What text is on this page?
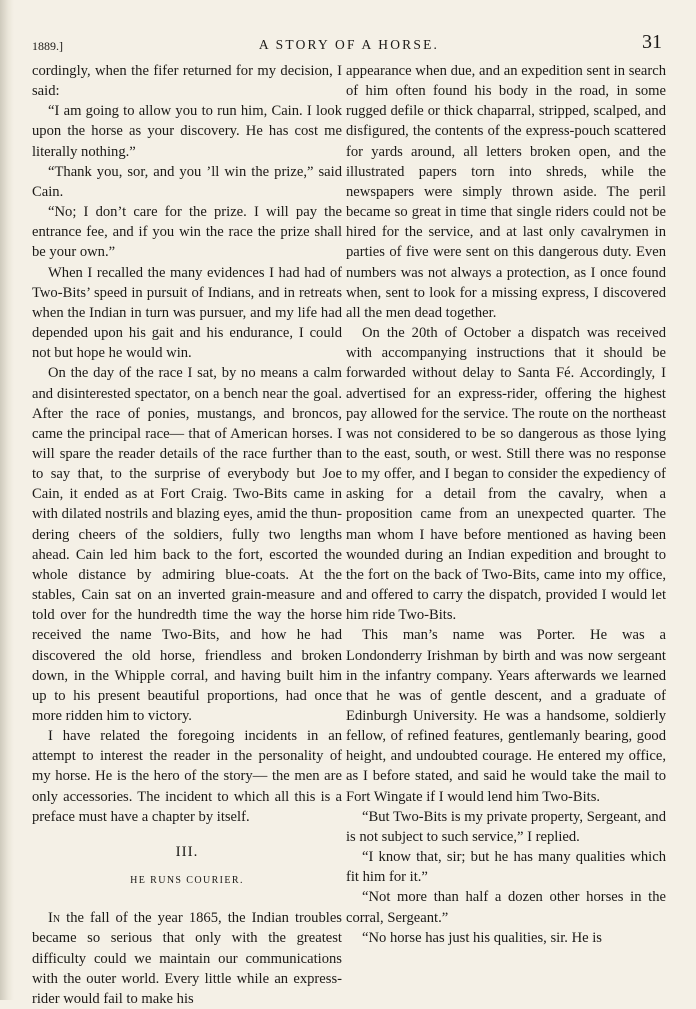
1889.]	A STORY OF A HORSE.	31

cordingly, when the fifer returned for my decision, I said:

“I am going to allow you to run him, Cain. I look upon the horse as your discovery. He has cost me literally nothing.”

“Thank you, sor, and you ’ll win the prize,” said Cain.

“No; I don’t care for the prize. I will pay the entrance fee, and if you win the race the prize shall be your own.”

When I recalled the many evidences I had had of Two-Bits’ speed in pursuit of Indians, and in retreats when the Indian in turn was pursuer, and my life had depended upon his gait and his endurance, I could not but hope he would win.

On the day of the race I sat, by no means a calm and disinterested spectator, on a bench near the goal. After the race of ponies, mustangs, and broncos, came the principal race— that of American horses. I will spare the reader details of the race further than to say that, to the surprise of everybody but Joe Cain, it ended as at Fort Craig. Two-Bits came in with dilated nostrils and blazing eyes, amid the thundering cheers of the soldiers, fully two lengths ahead. Cain led him back to the fort, escorted the whole distance by admiring blue-coats. At the stables, Cain sat on an inverted grain-measure and told over for the hundredth time the way the horse received the name Two-Bits, and how he had discovered the old horse, friendless and broken down, in the Whipple corral, and having built him up to his present beautiful proportions, had once more ridden him to victory.

I have related the foregoing incidents in an attempt to interest the reader in the personality of my horse. He is the hero of the story— the men are only accessories. The incident to which all this is a preface must have a chapter by itself.

III.
HE RUNS COURIER.

In the fall of the year 1865, the Indian troubles became so serious that only with the greatest difficulty could we maintain our communications with the outer world. Every little while an express-rider would fail to make his

appearance when due, and an expedition sent in search of him often found his body in the road, in some rugged defile or thick chaparral, stripped, scalped, and disfigured, the contents of the express-pouch scattered for yards around, all letters broken open, and the illustrated papers torn into shreds, while the newspapers were simply thrown aside. The peril became so great in time that single riders could not be hired for the service, and at last only cavalrymen in parties of five were sent on this dangerous duty. Even numbers was not always a protection, as I once found when, sent to look for a missing express, I discovered all the men dead together.

On the 20th of October a dispatch was received with accompanying instructions that it should be forwarded without delay to Santa Fé. Accordingly, I advertised for an express-rider, offering the highest pay allowed for the service. The route on the northeast was not considered to be so dangerous as those lying to the east, south, or west. Still there was no response to my offer, and I began to consider the expediency of asking for a detail from the cavalry, when a proposition came from an unexpected quarter. The man whom I have before mentioned as having been wounded during an Indian expedition and brought to the fort on the back of Two-Bits, came into my office, and offered to carry the dispatch, provided I would let him ride Two-Bits.

This man’s name was Porter. He was a Londonderry Irishman by birth and was now sergeant in the infantry company. Years afterwards we learned that he was of gentle descent, and a graduate of Edinburgh University. He was a handsome, soldierly fellow, of refined features, gentlemanly bearing, good height, and undoubted courage. He entered my office, as I before stated, and said he would take the mail to Fort Wingate if I would lend him Two-Bits.

“But Two-Bits is my private property, Sergeant, and is not subject to such service,” I replied.

“I know that, sir; but he has many qualities which fit him for it.”

“Not more than half a dozen other horses in the corral, Sergeant.”

“No horse has just his qualities, sir. He is
